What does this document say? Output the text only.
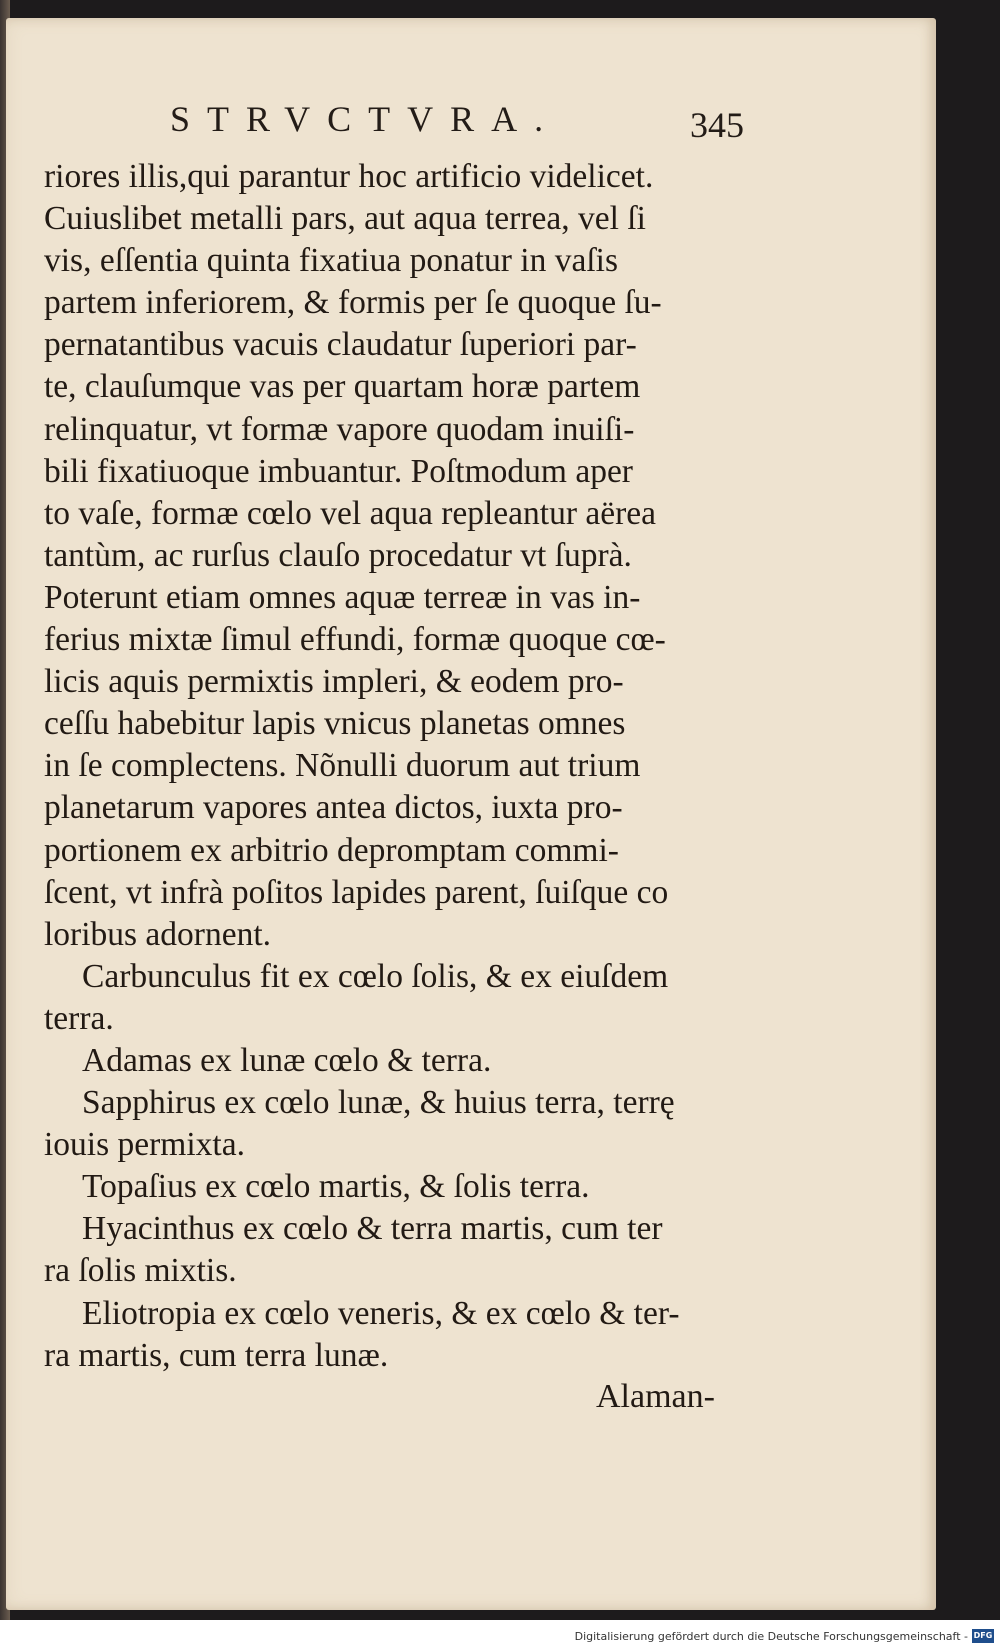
STRVCTVRA.	345
riores illis,qui parantur hoc artificio videlicet.
Cuiuslibet metalli pars, aut aqua terrea, vel ſi
vis, eſſentia quinta fixatiua ponatur in vaſis
partem inferiorem, & formis per ſe quoque ſu-
pernatantibus vacuis claudatur ſuperiori par-
te, clauſumque vas per quartam horæ partem
relinquatur, vt formæ vapore quodam inuiſi-
bili fixatiuoque imbuantur. Poſtmodum aper
to vaſe, formæ cœlo vel aqua repleantur aërea
tantùm, ac rurſus clauſo procedatur vt ſuprà.
Poterunt etiam omnes aquæ terreæ in vas in-
ferius mixtæ ſimul effundi, formæ quoque cœ-
licis aquis permixtis impleri, & eodem pro-
ceſſu habebitur lapis vnicus planetas omnes
in ſe complectens. Nõnulli duorum aut trium
planetarum vapores antea dictos, iuxta pro-
portionem ex arbitrio depromptam commi-
ſcent, vt infrà poſitos lapides parent, ſuiſque co
loribus adornent.
Carbunculus fit ex cœlo ſolis, & ex eiuſdem
terra.
Adamas ex lunæ cœlo & terra.
Sapphirus ex cœlo lunæ, & huius terra, terrę
iouis permixta.
Topaſius ex cœlo martis, & ſolis terra.
Hyacinthus ex cœlo & terra martis, cum ter
ra ſolis mixtis.
Eliotropia ex cœlo veneris, & ex cœlo & ter-
ra martis, cum terra lunæ.
Alaman-
Digitalisierung gefördert durch die Deutsche Forschungsgemeinschaft - DFG
